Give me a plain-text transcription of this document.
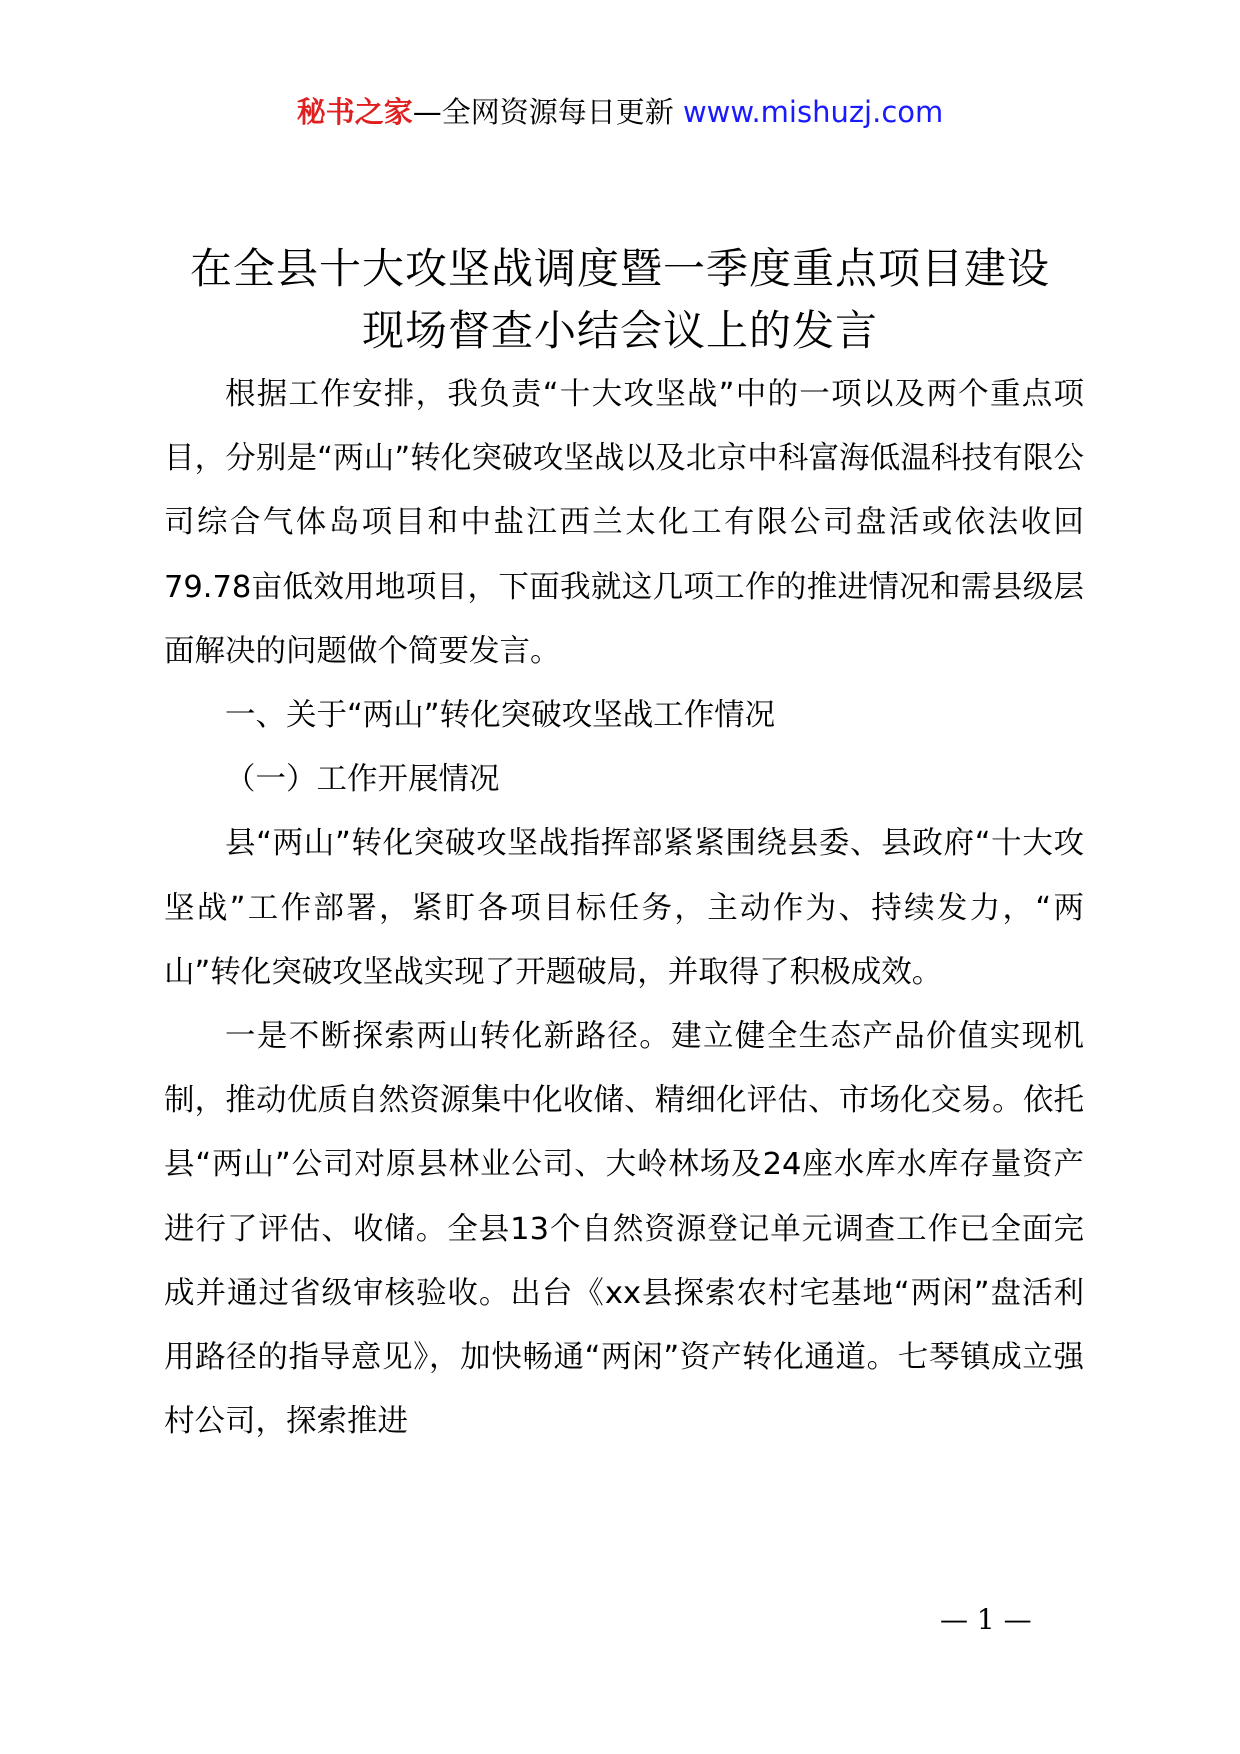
秘书之家—全网资源每日更新 www.mishuzj.com
在全县十大攻坚战调度暨一季度重点项目建设
现场督查小结会议上的发言

根据工作安排，我负责“十大攻坚战”中的一项以及两个重点项目，分别是“两山”转化突破攻坚战以及北京中科富海低温科技有限公司综合气体岛项目和中盐江西兰太化工有限公司盘活或依法收回79.78亩低效用地项目，下面我就这几项工作的推进情况和需县级层面解决的问题做个简要发言。

一、关于“两山”转化突破攻坚战工作情况

（一）工作开展情况

县“两山”转化突破攻坚战指挥部紧紧围绕县委、县政府“十大攻坚战”工作部署，紧盯各项目标任务，主动作为、持续发力，“两山”转化突破攻坚战实现了开题破局，并取得了积极成效。

一是不断探索两山转化新路径。建立健全生态产品价值实现机制，推动优质自然资源集中化收储、精细化评估、市场化交易。依托县“两山”公司对原县林业公司、大岭林场及24座水库水库存量资产进行了评估、收储。全县13个自然资源登记单元调查工作已全面完成并通过省级审核验收。出台《xx县探索农村宅基地“两闲”盘活利用路径的指导意见》，加快畅通“两闲”资产转化通道。七琴镇成立强村公司，探索推进

— 1 —
